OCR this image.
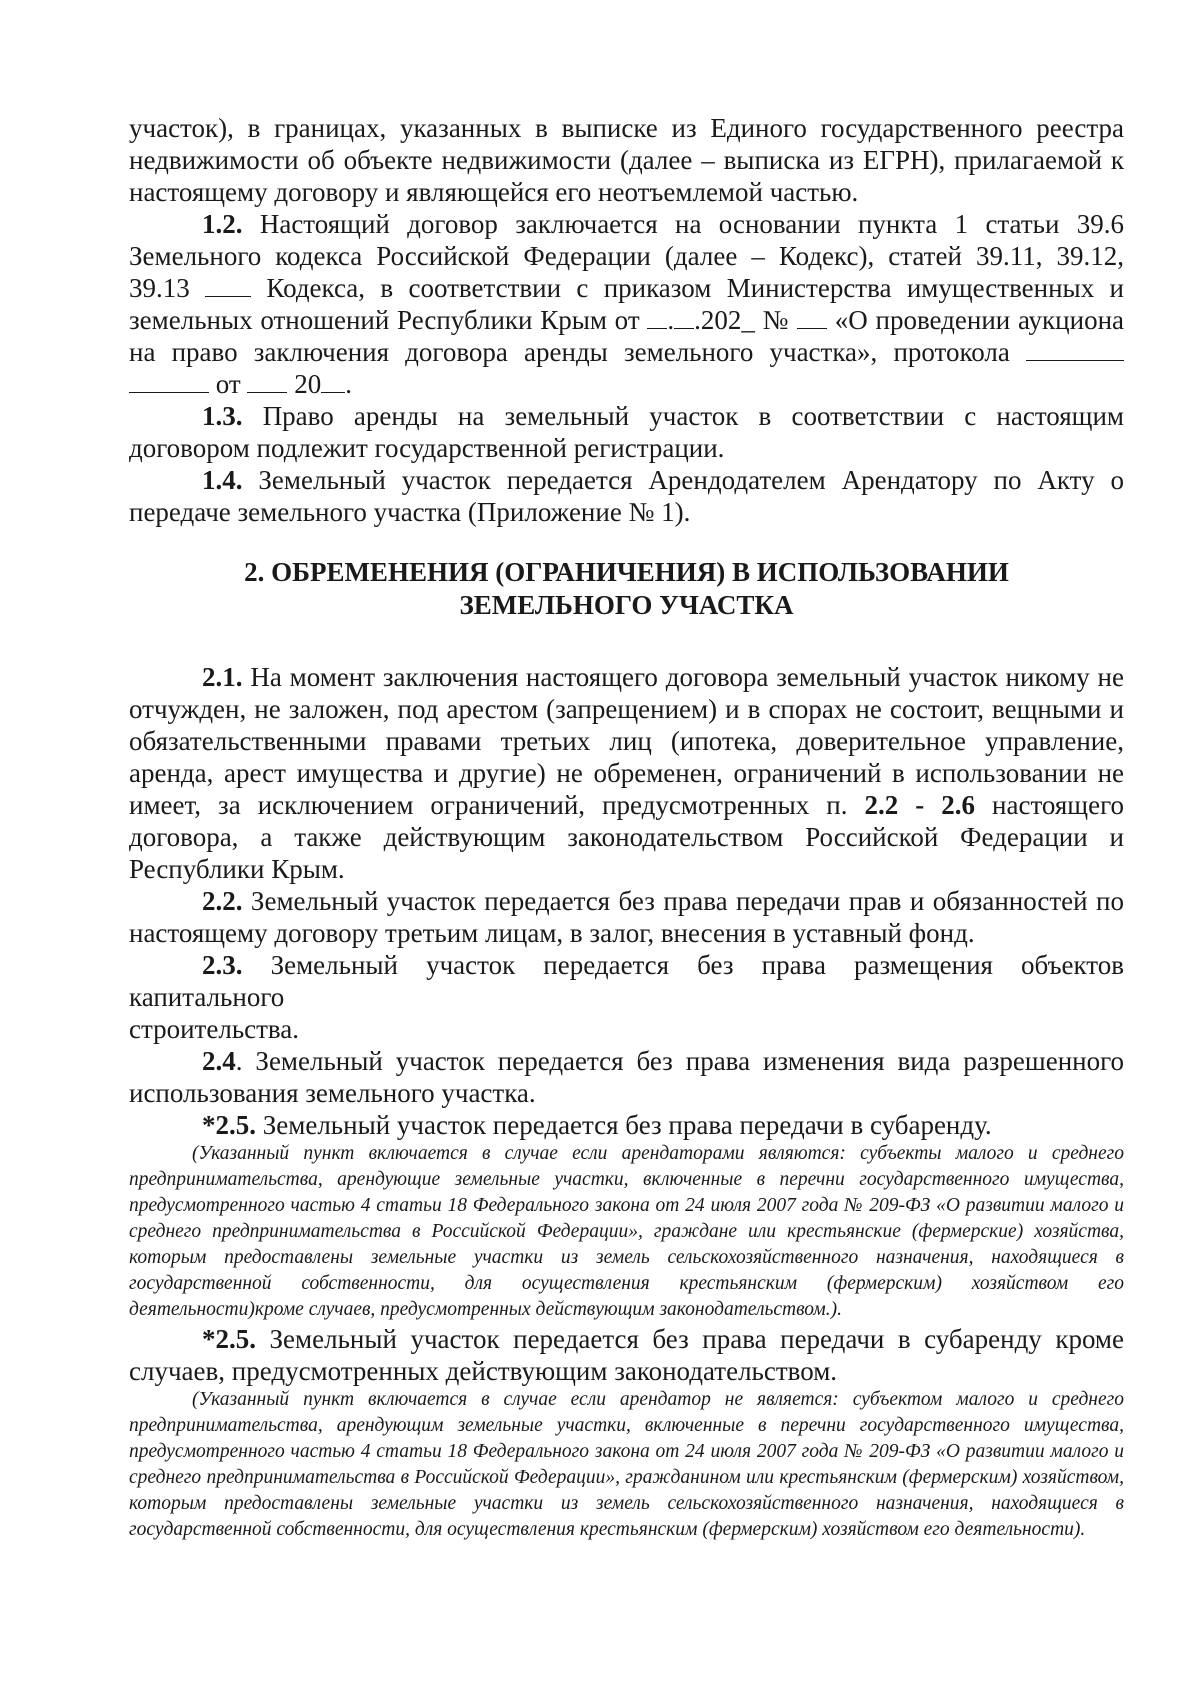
участок), в границах, указанных в выписке из Единого государственного реестра недвижимости об объекте недвижимости (далее – выписка из ЕГРН), прилагаемой к настоящему договору и являющейся его неотъемлемой частью.

1.2. Настоящий договор заключается на основании пункта 1 статьи 39.6 Земельного кодекса Российской Федерации (далее – Кодекс), статей 39.11, 39.12, 39.13  Кодекса, в соответствии с приказом Министерства имущественных и земельных отношений Республики Крым от . .202_ №  «О проведении аукциона на право заключения договора аренды земельного участка», протокола   от  20 .

1.3. Право аренды на земельный участок в соответствии с настоящим договором подлежит государственной регистрации.

1.4. Земельный участок передается Арендодателем Арендатору по Акту о передаче земельного участка (Приложение № 1).

2. ОБРЕМЕНЕНИЯ (ОГРАНИЧЕНИЯ) В ИСПОЛЬЗОВАНИИ
ЗЕМЕЛЬНОГО УЧАСТКА

2.1. На момент заключения настоящего договора земельный участок никому не отчужден, не заложен, под арестом (запрещением) и в спорах не состоит, вещными и обязательственными правами третьих лиц (ипотека, доверительное управление, аренда, арест имущества и другие) не обременен, ограничений в использовании не имеет, за исключением ограничений, предусмотренных п. 2.2 - 2.6 настоящего договора, а также действующим законодательством Российской Федерации и Республики Крым.

2.2. Земельный участок передается без права передачи прав и обязанностей по настоящему договору третьим лицам, в залог, внесения в уставный фонд.

2.3. Земельный участок передается без права размещения объектов капитального

строительства.

2.4. Земельный участок передается без права изменения вида разрешенного использования земельного участка.

*2.5. Земельный участок передается без права передачи в субаренду.

(Указанный пункт включается в случае если арендаторами являются: субъекты малого и среднего предпринимательства, арендующие земельные участки, включенные в перечни государственного имущества, предусмотренного частью 4 статьи 18 Федерального закона от 24 июля 2007 года № 209-ФЗ «О развитии малого и среднего предпринимательства в Российской Федерации», граждане или крестьянские (фермерские) хозяйства, которым предоставлены земельные участки из земель сельскохозяйственного назначения, находящиеся в государственной собственности, для осуществления крестьянским (фермерским) хозяйством его деятельности)кроме случаев, предусмотренных действующим законодательством.).

*2.5. Земельный участок передается без права передачи в субаренду кроме случаев, предусмотренных действующим законодательством.

(Указанный пункт включается в случае если арендатор не является: субъектом малого и среднего предпринимательства, арендующим земельные участки, включенные в перечни государственного имущества, предусмотренного частью 4 статьи 18 Федерального закона от 24 июля 2007 года № 209-ФЗ «О развитии малого и среднего предпринимательства в Российской Федерации», гражданином или крестьянским (фермерским) хозяйством, которым предоставлены земельные участки из земель сельскохозяйственного назначения, находящиеся в государственной собственности, для осуществления крестьянским (фермерским) хозяйством его деятельности).
